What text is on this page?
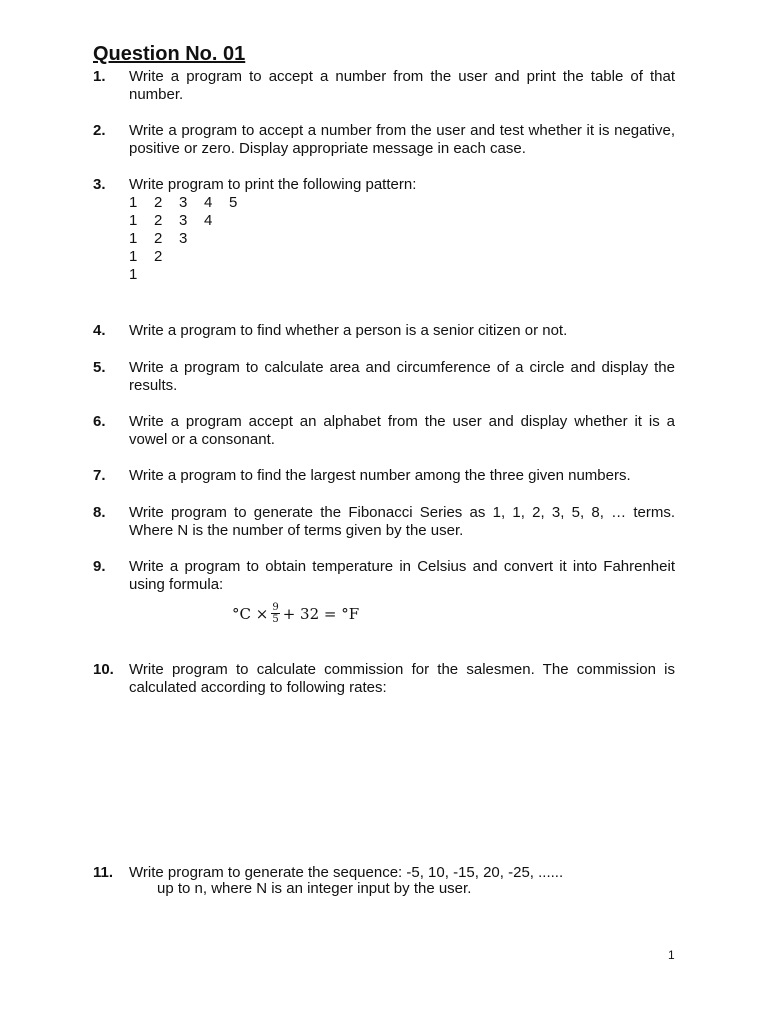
Question No. 01
1. Write a program to accept a number from the user and print the table of that number.
2. Write a program to accept a number from the user and test whether it is negative, positive or zero. Display appropriate message in each case.
3. Write program to print the following pattern:
1 2 3 4 5
1 2 3 4
1 2 3
1 2
1
4. Write a program to find whether a person is a senior citizen or not.
5. Write a program to calculate area and circumference of a circle and display the results.
6. Write a program accept an alphabet from the user and display whether it is a vowel or a consonant.
7. Write a program to find the largest number among the three given numbers.
8. Write program to generate the Fibonacci Series as 1, 1, 2, 3, 5, 8, … terms. Where N is the number of terms given by the user.
9. Write a program to obtain temperature in Celsius and convert it into Fahrenheit using formula:
$^\circ C \times \frac{9}{5} + 32 = ^\circ F$
10. Write program to calculate commission for the salesmen. The commission is calculated according to following rates:
11. Write program to generate the sequence: -5, 10, -15, 20, -25, ......
up to n, where N is an integer input by the user.
1
